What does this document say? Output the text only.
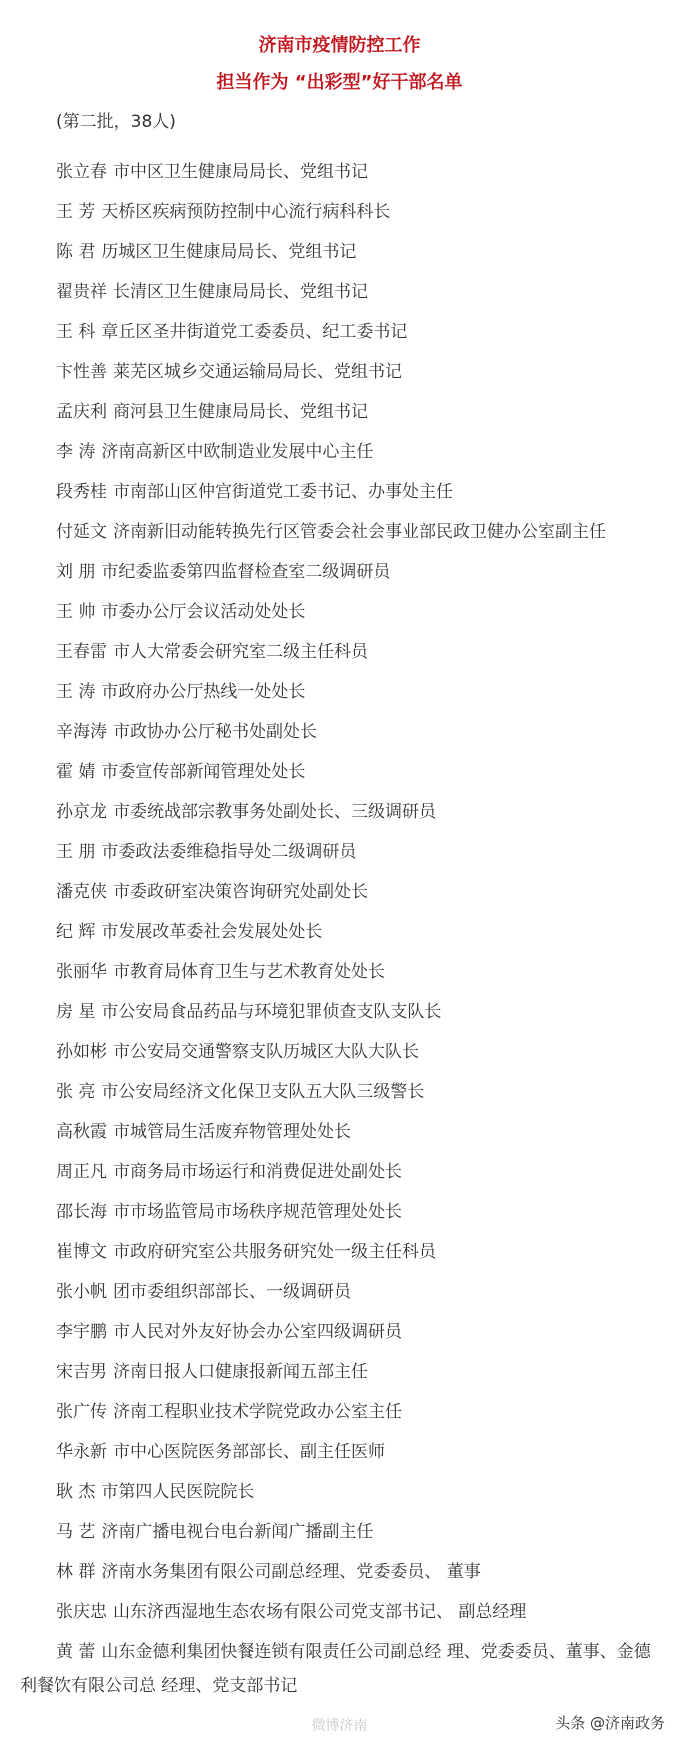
济南市疫情防控工作
担当作为 “出彩型”好干部名单
(第二批，38人)
张立春 市中区卫生健康局局长、党组书记
王 芳 天桥区疾病预防控制中心流行病科科长
陈 君 历城区卫生健康局局长、党组书记
翟贵祥 长清区卫生健康局局长、党组书记
王 科 章丘区圣井街道党工委委员、纪工委书记
卞性善 莱芜区城乡交通运输局局长、党组书记
孟庆利 商河县卫生健康局局长、党组书记
李 涛 济南高新区中欧制造业发展中心主任
段秀桂 市南部山区仲宫街道党工委书记、办事处主任
付延文 济南新旧动能转换先行区管委会社会事业部民政卫健办公室副主任
刘 朋 市纪委监委第四监督检查室二级调研员
王 帅 市委办公厅会议活动处处长
王春雷 市人大常委会研究室二级主任科员
王 涛 市政府办公厅热线一处处长
辛海涛 市政协办公厅秘书处副处长
霍 婧 市委宣传部新闻管理处处长
孙京龙 市委统战部宗教事务处副处长、三级调研员
王 朋 市委政法委维稳指导处二级调研员
潘克侠 市委政研室决策咨询研究处副处长
纪 辉 市发展改革委社会发展处处长
张丽华 市教育局体育卫生与艺术教育处处长
房 星 市公安局食品药品与环境犯罪侦查支队支队长
孙如彬 市公安局交通警察支队历城区大队大队长
张 亮 市公安局经济文化保卫支队五大队三级警长
高秋霞 市城管局生活废弃物管理处处长
周正凡 市商务局市场运行和消费促进处副处长
邵长海 市市场监管局市场秩序规范管理处处长
崔博文 市政府研究室公共服务研究处一级主任科员
张小帆 团市委组织部部长、一级调研员
李宇鹏 市人民对外友好协会办公室四级调研员
宋吉男 济南日报人口健康报新闻五部主任
张广传 济南工程职业技术学院党政办公室主任
华永新 市中心医院医务部部长、副主任医师
耿 杰 市第四人民医院院长
马 艺 济南广播电视台电台新闻广播副主任
林 群 济南水务集团有限公司副总经理、党委委员、 董事
张庆忠 山东济西湿地生态农场有限公司党支部书记、 副总经理
黄 蕾 山东金德利集团快餐连锁有限责任公司副总经 理、党委委员、董事、金德利餐饮有限公司总 经理、党支部书记
微博济南	头条 @济南政务
